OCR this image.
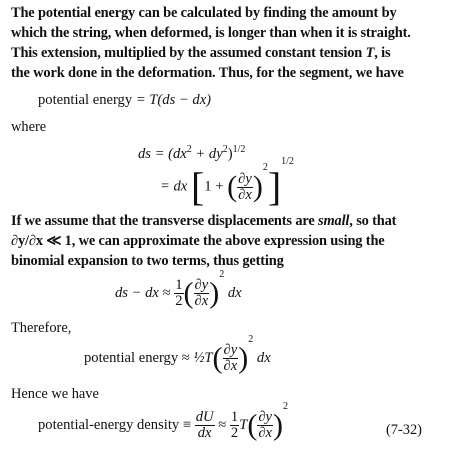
The potential energy can be calculated by finding the amount by
which the string, when deformed, is longer than when it is straight.
This extension, multiplied by the assumed constant tension T, is
the work done in the deformation. Thus, for the segment, we have
potential energy = T(ds − dx)
where
ds = $(dx^2 + dy^2)^{1/2}$
= dx [1 + ( $\frac{\partial y}{\partial x} )^2]^{1/2}$
If we assume that the transverse displacements are small, so that
∂y/∂x ≪ 1, we can approximate the above expression using the
binomial expansion to two terms, thus getting
ds − dx ≈ $\frac{1}{2}$ ( $\frac{\partial y}{\partial x} )^2$ dx
Therefore,
potential energy ≈ ½T( $\frac{\partial y}{\partial x} )^2$ dx
Hence we have
potential-energy density ≡ $\frac{dU}{dx} \approx \frac{1}{2} T( \frac{\partial y}{\partial x} )^2$
(7-32)
